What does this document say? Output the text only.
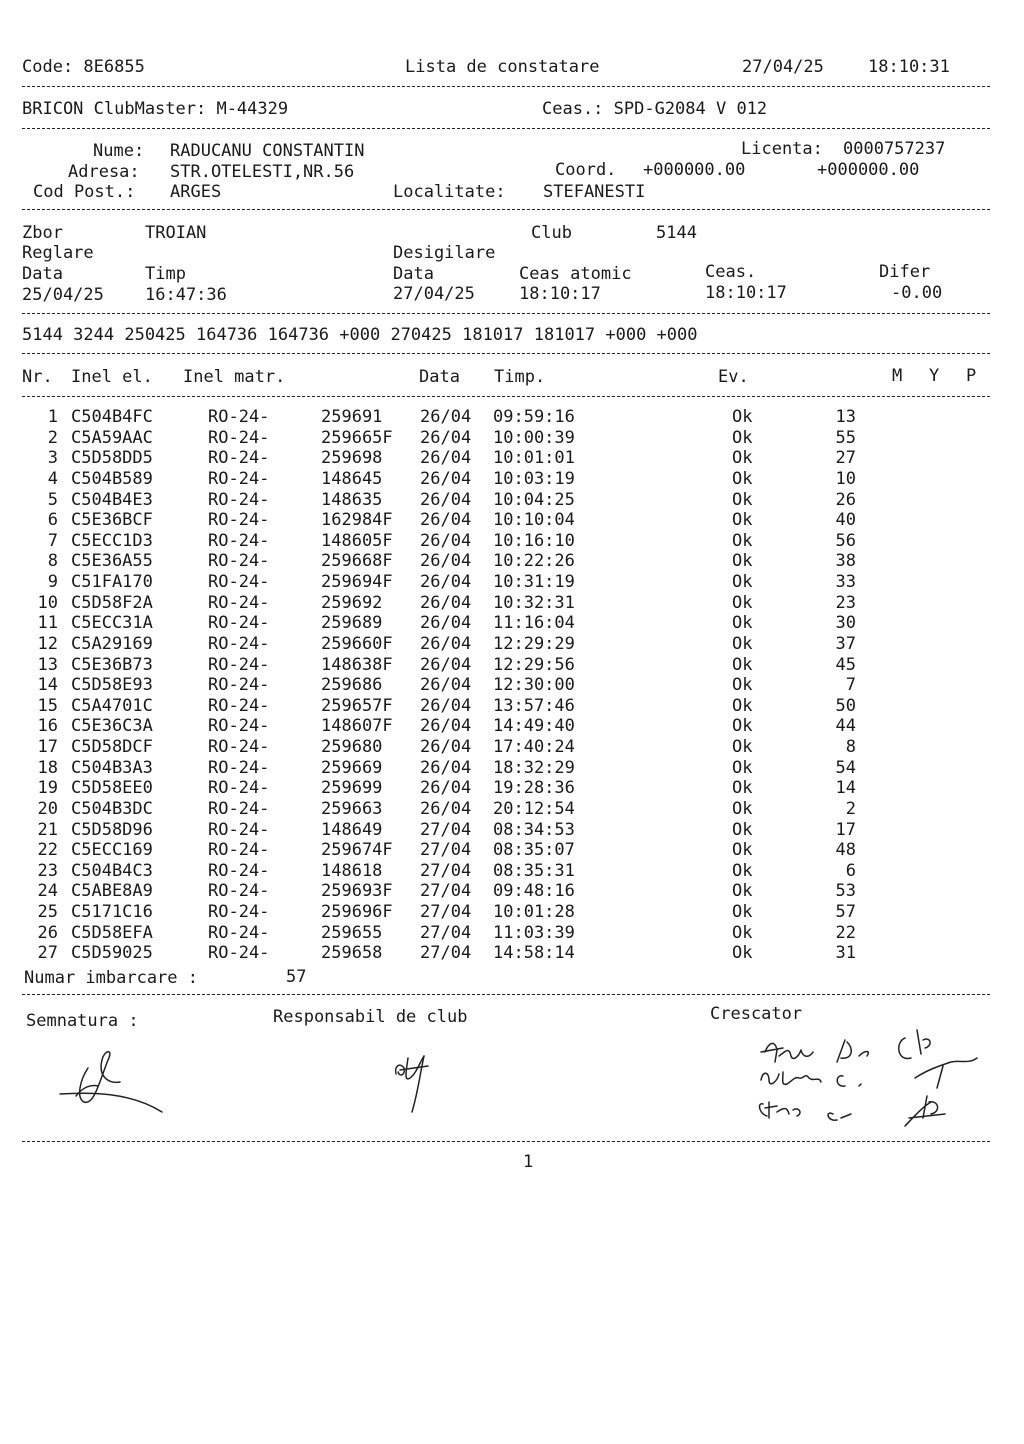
Code: 8E6855	Lista de constatare	27/04/25	18:10:31
BRICON ClubMaster: M-44329	Ceas.: SPD-G2084 V 012
Nume: RADUCANU CONSTANTIN	Licenta: 0000757237
Adresa: STR.OTELESTI,NR.56	Coord. +000000.00	+000000.00
Cod Post.: ARGES	Localitate: STEFANESTI
Zbor	TROIAN	Club	5144
Reglare	Desigilare
Data	Timp	Data	Ceas atomic	Ceas.	Difer
25/04/25 16:47:36	27/04/25	18:10:17	18:10:17	-0.00
5144 3244 250425 164736 164736 +000 270425 181017 181017 +000 +000
Nr. Inel el. Inel matr.	Data Timp.	Ev.	M Y P
1 C504B4FC	RO-24-	259691 26/04 09:59:16	Ok	13
2 C5A59AAC	RO-24-	259665F 26/04 10:00:39	Ok	55
3 C5D58DD5	RO-24-	259698 26/04 10:01:01	Ok	27
4 C504B589	RO-24-	148645 26/04 10:03:19	Ok	10
5 C504B4E3	RO-24-	148635 26/04 10:04:25	Ok	26
6 C5E36BCF	RO-24-	162984F 26/04 10:10:04	Ok	40
7 C5ECC1D3	RO-24-	148605F 26/04 10:16:10	Ok	56
8 C5E36A55	RO-24-	259668F 26/04 10:22:26	Ok	38
9 C51FA170	RO-24-	259694F 26/04 10:31:19	Ok	33
10 C5D58F2A	RO-24-	259692 26/04 10:32:31	Ok	23
11 C5ECC31A	RO-24-	259689 26/04 11:16:04	Ok	30
12 C5A29169	RO-24-	259660F 26/04 12:29:29	Ok	37
13 C5E36B73	RO-24-	148638F 26/04 12:29:56	Ok	45
14 C5D58E93	RO-24-	259686 26/04 12:30:00	Ok	7
15 C5A4701C	RO-24-	259657F 26/04 13:57:46	Ok	50
16 C5E36C3A	RO-24-	148607F 26/04 14:49:40	Ok	44
17 C5D58DCF	RO-24-	259680 26/04 17:40:24	Ok	8
18 C504B3A3	RO-24-	259669 26/04 18:32:29	Ok	54
19 C5D58EE0	RO-24-	259699 26/04 19:28:36	Ok	14
20 C504B3DC	RO-24-	259663 26/04 20:12:54	Ok	2
21 C5D58D96	RO-24-	148649 27/04 08:34:53	Ok	17
22 C5ECC169	RO-24-	259674F 27/04 08:35:07	Ok	48
23 C504B4C3	RO-24-	148618 27/04 08:35:31	Ok	6
24 C5ABE8A9	RO-24-	259693F 27/04 09:48:16	Ok	53
25 C5171C16	RO-24-	259696F 27/04 10:01:28	Ok	57
26 C5D58EFA	RO-24-	259655 27/04 11:03:39	Ok	22
27 C5D59025	RO-24-	259658 27/04 14:58:14	Ok	31
Numar imbarcare :	57
Semnatura :	Responsabil de club	Crescator
1
